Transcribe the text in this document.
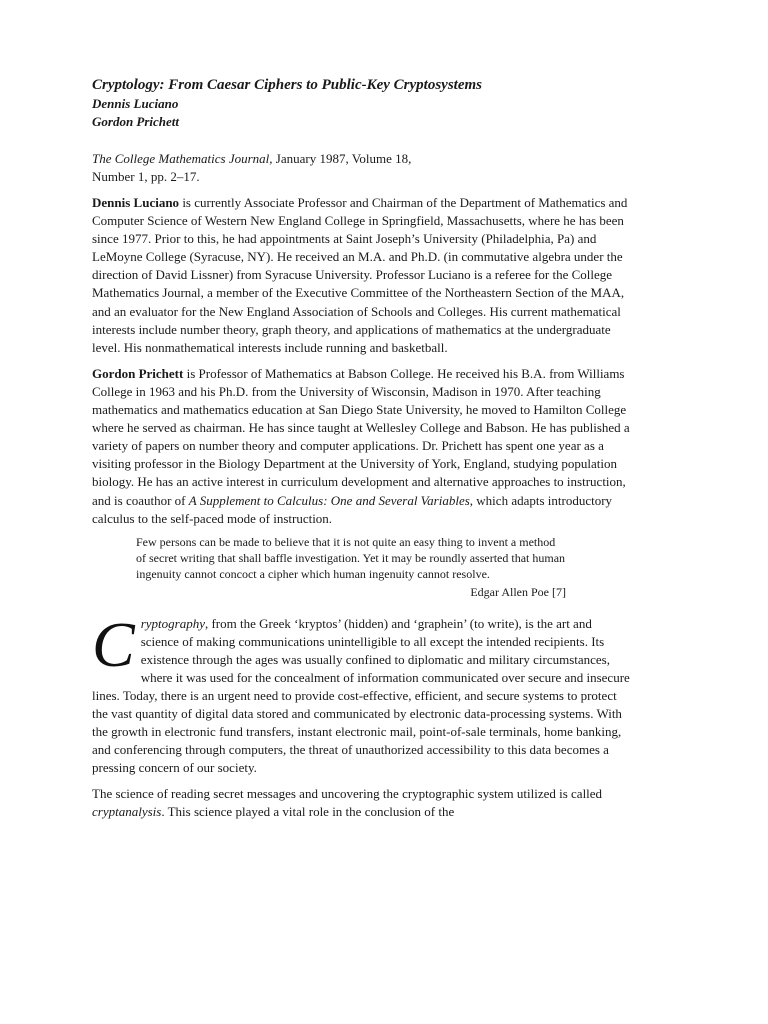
Cryptology: From Caesar Ciphers to Public-Key Cryptosystems

Dennis Luciano

Gordon Prichett

The College Mathematics Journal, January 1987, Volume 18,
Number 1, pp. 2–17.

Dennis Luciano is currently Associate Professor and Chairman of the Department of Mathematics and Computer Science of Western New England College in Springfield, Massachusetts, where he has been since 1977. Prior to this, he had appointments at Saint Joseph’s University (Philadelphia, Pa) and LeMoyne College (Syracuse, NY). He received an M.A. and Ph.D. (in commutative algebra under the direction of David Lissner) from Syracuse University. Professor Luciano is a referee for the College Mathematics Journal, a member of the Executive Committee of the Northeastern Section of the MAA, and an evaluator for the New England Association of Schools and Colleges. His current mathematical interests include number theory, graph theory, and applications of mathematics at the undergraduate level. His nonmathematical interests include running and basketball.

Gordon Prichett is Professor of Mathematics at Babson College. He received his B.A. from Williams College in 1963 and his Ph.D. from the University of Wisconsin, Madison in 1970. After teaching mathematics and mathematics education at San Diego State University, he moved to Hamilton College where he served as chairman. He has since taught at Wellesley College and Babson. He has published a variety of papers on number theory and computer applications. Dr. Prichett has spent one year as a visiting professor in the Biology Department at the University of York, England, studying population biology. He has an active interest in curriculum development and alternative approaches to instruction, and is coauthor of A Supplement to Calculus: One and Several Variables, which adapts introductory calculus to the self-paced mode of instruction.

Few persons can be made to believe that it is not quite an easy thing to invent a method of secret writing that shall baffle investigation. Yet it may be roundly asserted that human ingenuity cannot concoct a cipher which human ingenuity cannot resolve.

Edgar Allen Poe [7]

Cryptography, from the Greek ‘kryptos’ (hidden) and ‘graphein’ (to write), is the art and science of making communications unintelligible to all except the intended recipients. Its existence through the ages was usually confined to diplomatic and military circumstances, where it was used for the concealment of information communicated over secure and insecure lines. Today, there is an urgent need to provide cost-effective, efficient, and secure systems to protect the vast quantity of digital data stored and communicated by electronic data-processing systems. With the growth in electronic fund transfers, instant electronic mail, point-of-sale terminals, home banking, and conferencing through computers, the threat of unauthorized accessibility to this data becomes a pressing concern of our society.

The science of reading secret messages and uncovering the cryptographic system utilized is called cryptanalysis. This science played a vital role in the conclusion of the
